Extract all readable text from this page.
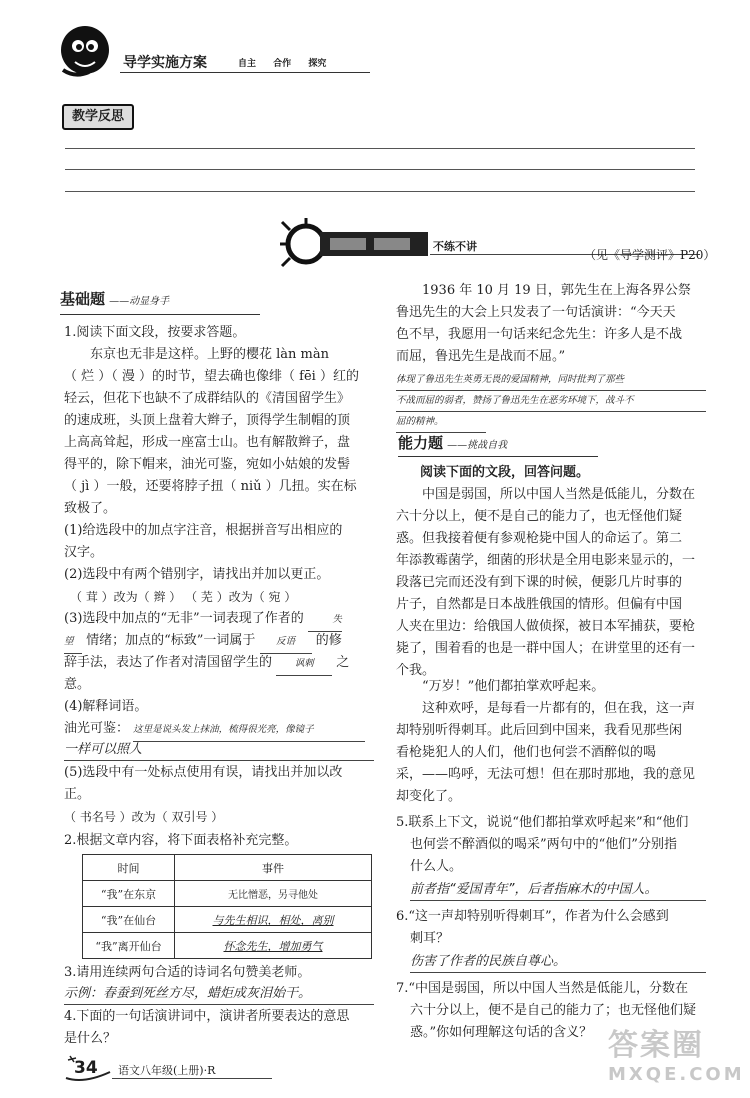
导学实施方案	自主 合作 探究
教学反思
不练不讲
（见《导学测评》P20）
基础题 ——动显身手
1.阅读下面文段，按要求答题。
东京也无非是这样。上野的樱花 làn màn
（ 烂 ）（ 漫 ）的时节，望去确也像绯（ fēi ）红的
轻云，但花下也缺不了成群结队的《清国留学生》
的速成班，头顶上盘着大辫子，顶得学生制帽的顶
上高高耸起，形成一座富士山。也有解散辫子，盘
得平的，除下帽来，油光可鉴，宛如小姑娘的发髻
（ jì ）一般，还要将脖子扭（ niǔ ）几扭。实在标
致极了。
(1)给选段中的加点字注音，根据拼音写出相应的
汉字。
(2)选段中有两个错别字，请找出并加以更正。
（ 茸 ）改为（ 辫 ） （ 芜 ）改为（ 宛 ）
(3)选段中加点的“无非”一词表现了作者的	失
望 情绪；加点的“标致”一词属于 反语 的修
辞手法，表达了作者对清国留学生的 讽刺 之
意。
(4)解释词语。
油光可鉴： 这里是说头发上抹油，梳得很光亮，像镜子
一样可以照人
(5)选段中有一处标点使用有误，请找出并加以改
正。
（ 书名号 ）改为（ 双引号 ）
2.根据文章内容，将下面表格补充完整。
时间	事件
“我”在东京	无比憎恶，另寻他处
“我”在仙台	与先生相识，相处，离别
“我”离开仙台	怀念先生，增加勇气
3.请用连续两句合适的诗词名句赞美老师。
示例：春蚕到死丝方尽，蜡炬成灰泪始干。
4.下面的一句话演讲词中，演讲者所要表达的意思
是什么？
1936 年 10 月 19 日，郭先生在上海各界公祭
鲁迅先生的大会上只发表了一句话演讲：“今天天
色不早，我愿用一句话来纪念先生：许多人是不战
而屈，鲁迅先生是战而不屈。”
体现了鲁迅先生英勇无畏的爱国精神，同时批判了那些
不战而屈的弱者，赞扬了鲁迅先生在恶劣环境下，战斗不
屈的精神。
能力题 ——挑战自我
阅读下面的文段，回答问题。
中国是弱国，所以中国人当然是低能儿，分数在
六十分以上，便不是自己的能力了，也无怪他们疑
惑。但我接着便有参观枪毙中国人的命运了。第二
年添教霉菌学，细菌的形状是全用电影来显示的，一
段落已完而还没有到下课的时候，便影几片时事的
片子，自然都是日本战胜俄国的情形。但偏有中国
人夹在里边：给俄国人做侦探，被日本军捕获，要枪
毙了，围着看的也是一群中国人；在讲堂里的还有一
个我。
“万岁！”他们都拍掌欢呼起来。
这种欢呼，是每看一片都有的，但在我，这一声
却特别听得刺耳。此后回到中国来，我看见那些闲
看枪毙犯人的人们，他们也何尝不酒醉似的喝
采，——呜呼，无法可想！但在那时那地，我的意见
却变化了。
5.联系上下文，说说“他们都拍掌欢呼起来”和“他们
也何尝不醉酒似的喝采”两句中的“他们”分别指
什么人。
前者指“爱国青年”，后者指麻木的中国人。
6.“这一声却特别听得刺耳”，作者为什么会感到
刺耳？
伤害了作者的民族自尊心。
7.“中国是弱国，所以中国人当然是低能儿，分数在
六十分以上，便不是自己的能力了；也无怪他们疑
惑。”你如何理解这句话的含义？
34 语文八年级(上册)·R
答案圈
MXQE.COM
